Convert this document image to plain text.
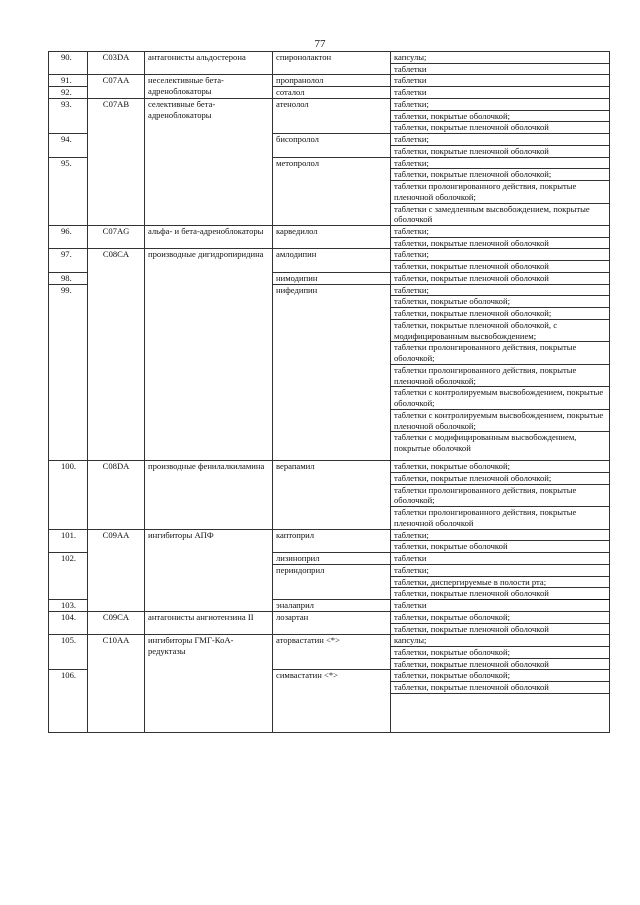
77
90.	C03DA	антагонисты альдостерона	спиронолактон	капсулы;
				таблетки
91.	C07AA	неселективные бета-адреноблокаторы	пропранолол	таблетки
92.			соталол	таблетки
93.	C07AB	селективные бета-адреноблокаторы	атенолол	таблетки;
				таблетки, покрытые оболочкой;
				таблетки, покрытые пленочной оболочкой
94.			бисопролол	таблетки;
				таблетки, покрытые пленочной оболочкой
95.			метопролол	таблетки;
				таблетки, покрытые пленочной оболочкой;
				таблетки пролонгированного действия, покрытые пленочной оболочкой;
				таблетки с замедленным высвобождением, покрытые оболочкой
96.	C07AG	альфа- и бета-адреноблокаторы	карведилол	таблетки;
				таблетки, покрытые пленочной оболочкой
97.	C08CA	производные дигидропиридина	амлодипин	таблетки;
				таблетки, покрытые пленочной оболочкой
98.			нимодипин	таблетки, покрытые пленочной оболочкой
99.			нифедипин	таблетки;
				таблетки, покрытые оболочкой;
				таблетки, покрытые пленочной оболочкой;
				таблетки, покрытые пленочной оболочкой, с модифицированным высвобождением;
				таблетки пролонгированного действия, покрытые оболочкой;
				таблетки пролонгированного действия, покрытые пленочной оболочкой;
				таблетки с контролируемым высвобождением, покрытые оболочкой;
				таблетки с контролируемым высвобождением, покрытые пленочной оболочкой;
				таблетки с модифицированным высвобождением, покрытые оболочкой
100.	C08DA	производные фенилалкиламина	верапамил	таблетки, покрытые оболочкой;
				таблетки, покрытые пленочной оболочкой;
				таблетки пролонгированного действия, покрытые оболочкой;
				таблетки пролонгированного действия, покрытые пленочной оболочкой
101.	C09AA	ингибиторы АПФ	каптоприл	таблетки;
				таблетки, покрытые оболочкой
102.			лизиноприл	таблетки
			периндоприл	таблетки;
				таблетки, диспергируемые в полости рта;
				таблетки, покрытые пленочной оболочкой
103.			эналаприл	таблетки
104.	C09CA	антагонисты ангиотензина II	лозартан	таблетки, покрытые оболочкой;
				таблетки, покрытые пленочной оболочкой
105.	C10AA	ингибиторы ГМГ-КоА-редуктазы	аторвастатин <*>	капсулы;
				таблетки, покрытые оболочкой;
				таблетки, покрытые пленочной оболочкой
106.			симвастатин <*>	таблетки, покрытые оболочкой;
				таблетки, покрытые пленочной оболочкой
